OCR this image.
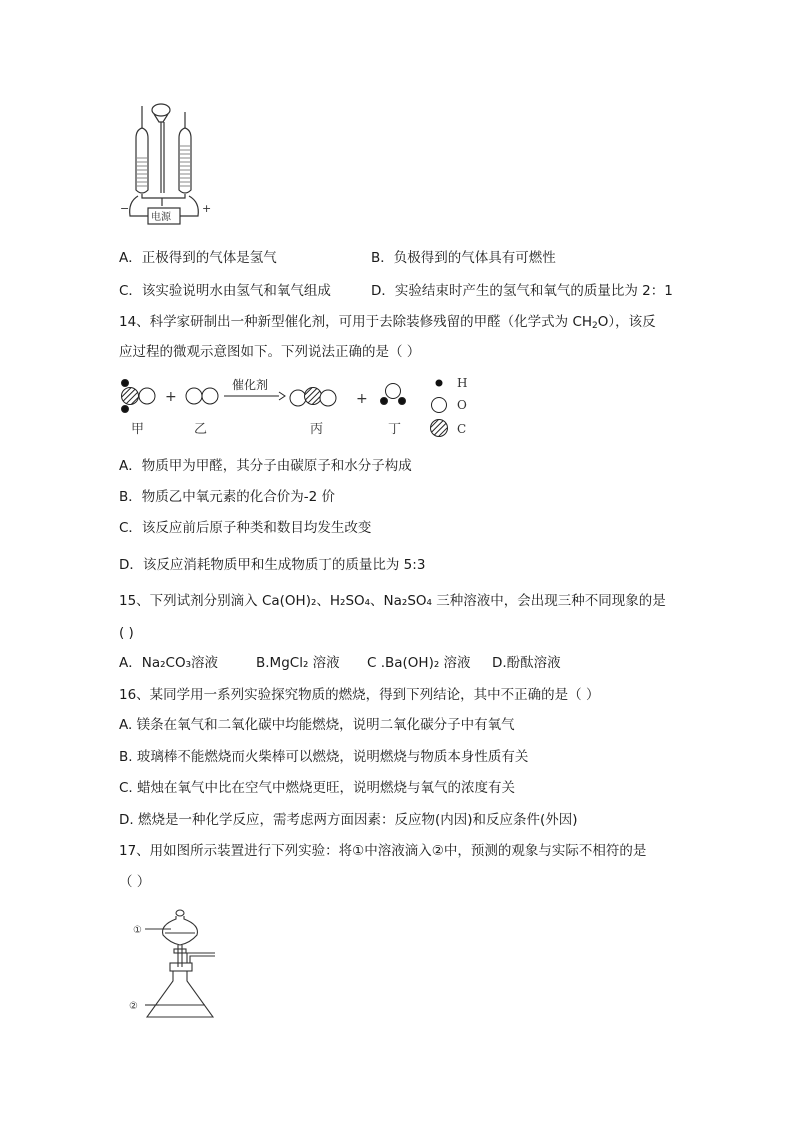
−	+
电源
A．正极得到的气体是氢气	B．负极得到的气体具有可燃性
C．该实验说明水由氢气和氧气组成	D．实验结束时产生的氢气和氧气的质量比为 2：1
14、科学家研制出一种新型催化剂，可用于去除装修残留的甲醛（化学式为 $CH_2O$），该反
应过程的微观示意图如下。下列说法正确的是（ ）
+
催化剂
+
甲	乙	丙	丁
H
O
C
A．物质甲为甲醛，其分子由碳原子和水分子构成
B．物质乙中氧元素的化合价为-2 价
C．该反应前后原子种类和数目均发生改变
D．该反应消耗物质甲和生成物质丁的质量比为 5:3
15、下列试剂分别滴入 Ca(OH)₂、H₂SO₄、Na₂SO₄ 三种溶液中，会出现三种不同现象的是
( )
A．Na₂CO₃溶液	B.MgCl₂ 溶液 C .Ba(OH)₂ 溶液 D.酚酞溶液
16、某同学用一系列实验探究物质的燃烧，得到下列结论，其中不正确的是（ ）
A. 镁条在氧气和二氧化碳中均能燃烧，说明二氧化碳分子中有氧气
B. 玻璃棒不能燃烧而火柴棒可以燃烧，说明燃烧与物质本身性质有关
C. 蜡烛在氧气中比在空气中燃烧更旺，说明燃烧与氧气的浓度有关
D. 燃烧是一种化学反应，需考虑两方面因素：反应物(内因)和反应条件(外因)
17、用如图所示装置进行下列实验：将①中溶液滴入②中，预测的观象与实际不相符的是
（ ）
①
②
